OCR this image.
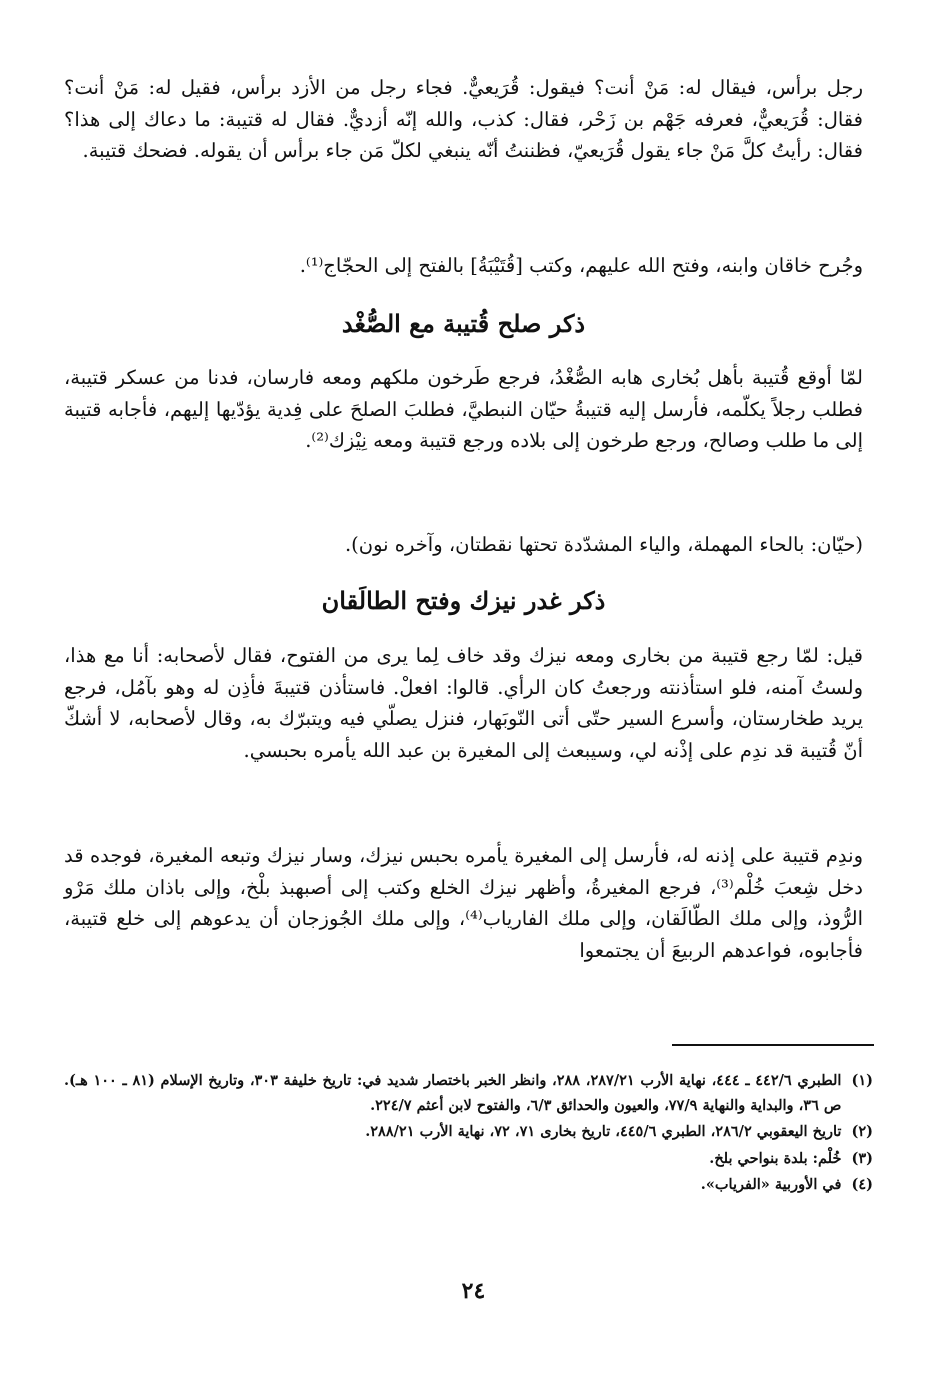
رجل برأس، فيقال له: مَنْ أنت؟ فيقول: قُرَيعيٌّ. فجاء رجل من الأزد برأس، فقيل له: مَنْ أنت؟ فقال: قُرَيعيٌّ، فعرفه جَهْم بن زَحْر، فقال: كذب، والله إنّه أزديٌّ. فقال له قتيبة: ما دعاك إلى هذا؟ فقال: رأيتُ كلَّ مَنْ جاء يقول قُرَيعيّ، فظننتُ أنّه ينبغي لكلّ مَن جاء برأس أن يقوله. فضحك قتيبة.
وجُرح خاقان وابنه، وفتح الله عليهم، وكتب [قُتَيْبَةُ] بالفتح إلى الحجّاج⁽¹⁾.
ذكر صلح قُتيبة مع الصُّغْد
لمّا أوقع قُتيبة بأهل بُخارى هابه الصُّغْدُ، فرجع طَرخون ملكهم ومعه فارسان، فدنا من عسكر قتيبة، فطلب رجلاً يكلّمه، فأرسل إليه قتيبةُ حيّان النبطيَّ، فطلبَ الصلحَ على فِدية يؤدّيها إليهم، فأجابه قتيبة إلى ما طلب وصالح، ورجع طرخون إلى بلاده ورجع قتيبة ومعه نِيْزك⁽²⁾.
(حيّان: بالحاء المهملة، والياء المشدّدة تحتها نقطتان، وآخره نون).
ذكر غدر نيزك وفتح الطالَقان
قيل: لمّا رجع قتيبة من بخارى ومعه نيزك وقد خاف لِما يرى من الفتوح، فقال لأصحابه: أنا مع هذا، ولستُ آمنه، فلو استأذنته ورجعتُ كان الرأي. قالوا: افعلْ. فاستأذن قتيبةَ فأذِن له وهو بآمُل، فرجع يريد طخارستان، وأسرع السير حتّى أتى النّوبَهار، فنزل يصلّي فيه ويتبرّك به، وقال لأصحابه، لا أشكّ أنّ قُتيبة قد ندِم على إذْنه لي، وسيبعث إلى المغيرة بن عبد الله يأمره بحبسي.
وندِم قتيبة على إذنه له، فأرسل إلى المغيرة يأمره بحبس نيزك، وسار نيزك وتبعه المغيرة، فوجده قد دخل شِعبَ خُلْم⁽³⁾، فرجع المغيرةُ، وأظهر نيزك الخلع وكتب إلى أصبهبذ بلْخ، وإلى باذان ملك مَرْو الرُّوذ، وإلى ملك الطّالَقان، وإلى ملك الفارياب⁽⁴⁾، وإلى ملك الجُوزجان أن يدعوهم إلى خلع قتيبة، فأجابوه، فواعدهم الربيعَ أن يجتمعوا
(١)
الطبري ٤٤٢/٦ ـ ٤٤٤، نهاية الأرب ٢٨٧/٢١، ٢٨٨، وانظر الخبر باختصار شديد في: تاريخ خليفة ٣٠٣، وتاريخ الإسلام (٨١ ـ ١٠٠ هـ). ص ٣٦، والبداية والنهاية ٧٧/٩، والعيون والحدائق ٦/٣، والفتوح لابن أعثم ٢٢٤/٧.
(٢)
تاريخ اليعقوبي ٢٨٦/٢، الطبري ٤٤٥/٦، تاريخ بخارى ٧١، ٧٢، نهاية الأرب ٢٨٨/٢١.
(٣)
خُلْم: بلدة بنواحي بلخ.
(٤)
في الأوربية «الفرياب».
٢٤
